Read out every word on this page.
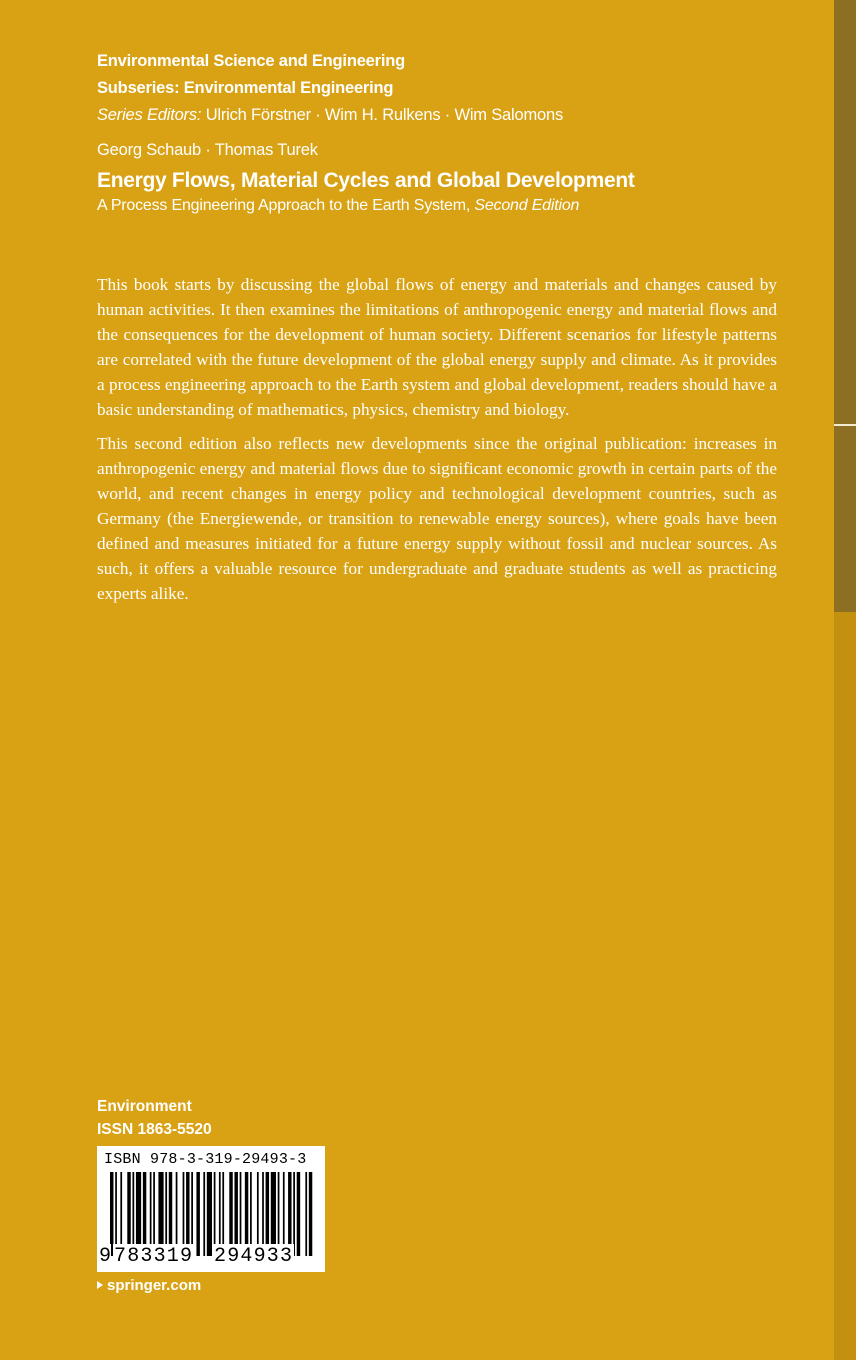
Environmental Science and Engineering
Subseries: Environmental Engineering
Series Editors: Ulrich Förstner · Wim H. Rulkens · Wim Salomons
Georg Schaub · Thomas Turek
Energy Flows, Material Cycles and Global Development
A Process Engineering Approach to the Earth System, Second Edition

This book starts by discussing the global flows of energy and materials and changes caused by human activities. It then examines the limitations of anthropogenic energy and material flows and the consequences for the development of human society. Different scenarios for lifestyle patterns are correlated with the future development of the global energy supply and climate. As it provides a process engineering approach to the Earth system and global development, readers should have a basic understanding of mathematics, physics, chemistry and biology.

This second edition also reflects new developments since the original publication: increases in anthropogenic energy and material flows due to significant economic growth in certain parts of the world, and recent changes in energy policy and technological development countries, such as Germany (the Energiewende, or transition to renewable energy sources), where goals have been defined and measures initiated for a future energy supply without fossil and nuclear sources. As such, it offers a valuable resource for undergraduate and graduate students as well as practicing experts alike.

Environment
ISSN 1863-5520
ISBN 978-3-319-29493-3
9 783319 294933
springer.com
